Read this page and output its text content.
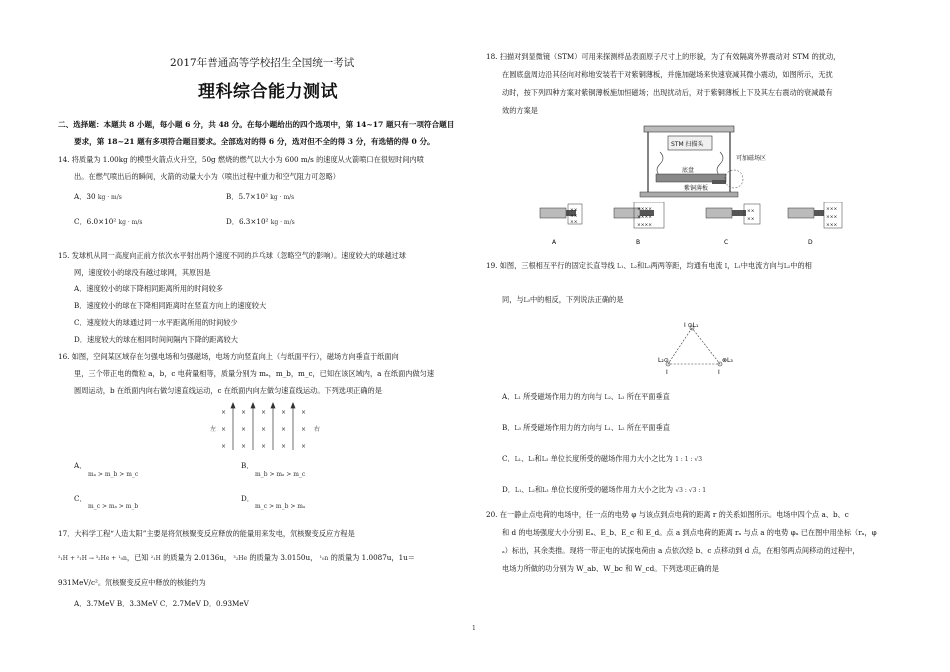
2017年普通高等学校招生全国统一考试
理科综合能力测试
二、选择题：本题共 8 小题，每小题 6 分，共 48 分。在每小题给出的四个选项中，第 14~17 题只有一项符合题目
要求，第 18~21 题有多项符合题目要求。全部选对的得 6 分，选对但不全的得 3 分，有选错的得 0 分。
14. 将质量为 1.00kg 的模型火箭点火升空，50g 燃烧的燃气以大小为 600 m/s 的速度从火箭喷口在很短时间内喷
出。在燃气喷出后的瞬间，火箭的动量大小为（喷出过程中重力和空气阻力可忽略）
A．30 kg · m/s	B．5.7×10² kg · m/s
C．6.0×10² kg · m/s	D．6.3×10² kg · m/s
15. 发球机从同一高度向正前方依次水平射出两个速度不同的乒乓球（忽略空气的影响）。速度较大的球越过球
网，速度较小的球没有越过球网，其原因是
A．速度较小的球下降相同距离所用的时间较多
B．速度较小的球在下降相同距离时在竖直方向上的速度较大
C．速度较大的球通过同一水平距离所用的时间较少
D．速度较大的球在相同时间间隔内下降的距离较大
16. 如图，空间某区域存在匀强电场和匀强磁场，电场方向竖直向上（与纸面平行），磁场方向垂直于纸面向
里，三个带正电的微粒 a，b，c 电荷量相等，质量分别为 mₐ，m_b，m_c，已知在该区域内，a 在纸面内做匀速
圆周运动，b 在纸面内向右做匀速直线运动，c 在纸面内向左做匀速直线运动。下列选项正确的是
× × × × ×
× × × × ×
× × × × ×
左	右
A．
mₐ > m_b > m_c
B．
m_b > mₐ > m_c
C．
m_c > mₐ > m_b
D．
m_c > m_b > mₐ
17．大科学工程“人造太阳”主要是将氘核聚变反应释放的能量用来发电，氘核聚变反应方程是
²₁H + ²₁H → ³₂He + ¹₀n，已知 ²₁H 的质量为 2.0136u， ³₂He 的质量为 3.0150u， ¹₀n 的质量为 1.0087u，1u＝
931MeV/c²。氘核聚变反应中释放的核能约为
A．3.7MeV B．3.3MeV C．2.7MeV D．0.93MeV
18. 扫描对到显微镜（STM）可用来探测样品表面原子尺寸上的形貌，为了有效隔离外界震动对 STM 的扰动，
在圆底盘周边沿其径向对称地安装若干对紫铜薄板，并施加磁场来快速衰减其微小震动，如图所示，无扰
动时，按下列四种方案对紫铜薄板施加恒磁场；出现扰动后，对于紫铜薄板上下及其左右震动的衰减最有
效的方案是
STM 扫描头
底盘
可加磁场区
紫铜薄板
××
××
××
××××
××××
××××
××
××
×××
×××
×××
A	B	C	D
19. 如图，三根相互平行的固定长直导线 L₁、L₂和L₃两两等距，均通有电流 I，L₁中电流方向与L₂中的相
同，与L₃中的相反，下列说法正确的是
I ⊙L₁
L₂⊙	⊗L₃
I	I
A．L₁ 所受磁场作用力的方向与 L₂、L₃ 所在平面垂直
B．L₃ 所受磁场作用力的方向与 L₁、L₂ 所在平面垂直
C．L₁、L₂和L₃ 单位长度所受的磁场作用力大小之比为 1 : 1 : √3
D．L₁、L₂和L₃ 单位长度所受的磁场作用力大小之比为 √3 : √3 : 1
20. 在一静止点电荷的电场中，任一点的电势 φ 与该点到点电荷的距离 r 的关系如图所示。电场中四个点 a、b、c
和 d 的电场强度大小分别 Eₐ、E_b、E_c 和 E_d。点 a 到点电荷的距离 rₐ 与点 a 的电势 φₐ 已在图中用坐标（rₐ，φ
ₐ）标出，其余类推。现将一带正电的试探电荷由 a 点依次经 b、c 点移动到 d 点，在相邻两点间移动的过程中，
电场力所做的功分别为 W_ab、W_bc 和 W_cd。下列选项正确的是
1
